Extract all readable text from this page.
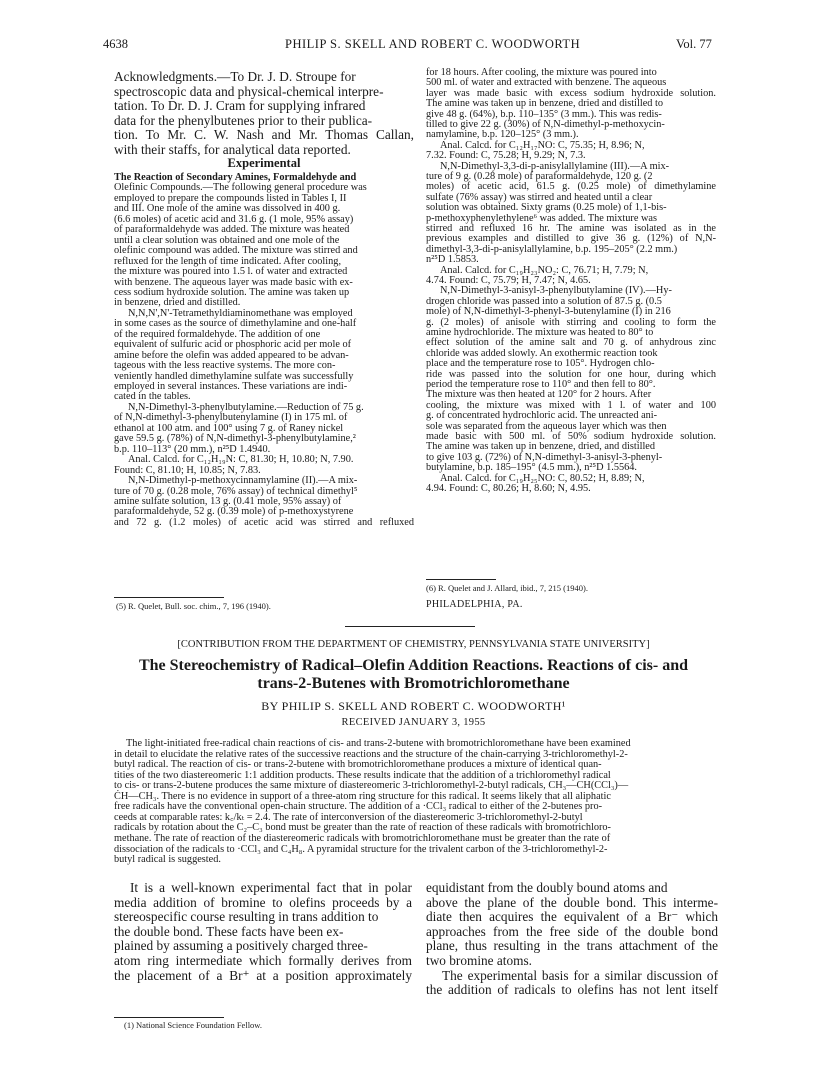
4638	PHILIP S. SKELL AND ROBERT C. WOODWORTH	Vol. 77
Acknowledgments.—To Dr. J. D. Stroupe for
spectroscopic data and physical-chemical interpre-
tation. To Dr. D. J. Cram for supplying infrared
data for the phenylbutenes prior to their publica-
tion. To Mr. C. W. Nash and Mr. Thomas Callan,
with their staffs, for analytical data reported.
Experimental
The Reaction of Secondary Amines, Formaldehyde and
Olefinic Compounds.—The following general procedure was
employed to prepare the compounds listed in Tables I, II
and III. One mole of the amine was dissolved in 400 g.
(6.6 moles) of acetic acid and 31.6 g. (1 mole, 95% assay)
of paraformaldehyde was added. The mixture was heated
until a clear solution was obtained and one mole of the
olefinic compound was added. The mixture was stirred and
refluxed for the length of time indicated. After cooling,
the mixture was poured into 1.5 l. of water and extracted
with benzene. The aqueous layer was made basic with ex-
cess sodium hydroxide solution. The amine was taken up
in benzene, dried and distilled.
N,N,N',N'-Tetramethyldiaminomethane was employed
in some cases as the source of dimethylamine and one-half
of the required formaldehyde. The addition of one
equivalent of sulfuric acid or phosphoric acid per mole of
amine before the olefin was added appeared to be advan-
tageous with the less reactive systems. The more con-
veniently handled dimethylamine sulfate was successfully
employed in several instances. These variations are indi-
cated in the tables.
N,N-Dimethyl-3-phenylbutylamine.—Reduction of 75 g.
of N,N-dimethyl-3-phenylbutenylamine (I) in 175 ml. of
ethanol at 100 atm. and 100° using 7 g. of Raney nickel
gave 59.5 g. (78%) of N,N-dimethyl-3-phenylbutylamine,²
b.p. 110–113° (20 mm.), n²⁵D 1.4940.
Anal. Calcd. for C₁₂H₁₉N: C, 81.30; H, 10.80; N, 7.90.
Found: C, 81.10; H, 10.85; N, 7.83.
N,N-Dimethyl-p-methoxycinnamylamine (II).—A mix-
ture of 70 g. (0.28 mole, 76% assay) of technical dimethyl⁵
amine sulfate solution, 13 g. (0.41 mole, 95% assay) of
paraformaldehyde, 52 g. (0.39 mole) of p-methoxystyrene
and 72 g. (1.2 moles) of acetic acid was stirred and refluxed
for 18 hours. After cooling, the mixture was poured into
500 ml. of water and extracted with benzene. The aqueous
layer was made basic with excess sodium hydroxide solution.
The amine was taken up in benzene, dried and distilled to
give 48 g. (64%), b.p. 110–135° (3 mm.). This was redis-
tilled to give 22 g. (30%) of N,N-dimethyl-p-methoxycin-
namylamine, b.p. 120–125° (3 mm.).
Anal. Calcd. for C₁₂H₁₇NO: C, 75.35; H, 8.96; N,
7.32. Found: C, 75.28; H, 9.29; N, 7.3.
N,N-Dimethyl-3,3-di-p-anisylallylamine (III).—A mix-
ture of 9 g. (0.28 mole) of paraformaldehyde, 120 g. (2
moles) of acetic acid, 61.5 g. (0.25 mole) of dimethylamine
sulfate (76% assay) was stirred and heated until a clear
solution was obtained. Sixty grams (0.25 mole) of 1,1-bis-
p-methoxyphenylethylene⁶ was added. The mixture was
stirred and refluxed 16 hr. The amine was isolated as in the
previous examples and distilled to give 36 g. (12%) of N,N-
dimethyl-3,3-di-p-anisylallylamine, b.p. 195–205° (2.2 mm.)
n²⁵D 1.5853.
Anal. Calcd. for C₁₉H₂₃NO₂: C, 76.71; H, 7.79; N,
4.74. Found: C, 75.79; H, 7.47; N, 4.65.
N,N-Dimethyl-3-anisyl-3-phenylbutylamine (IV).—Hy-
drogen chloride was passed into a solution of 87.5 g. (0.5
mole) of N,N-dimethyl-3-phenyl-3-butenylamine (I) in 216
g. (2 moles) of anisole with stirring and cooling to form the
amine hydrochloride. The mixture was heated to 80° to
effect solution of the amine salt and 70 g. of anhydrous zinc
chloride was added slowly. An exothermic reaction took
place and the temperature rose to 105°. Hydrogen chlo-
ride was passed into the solution for one hour, during which
period the temperature rose to 110° and then fell to 80°.
The mixture was then heated at 120° for 2 hours. After
cooling, the mixture was mixed with 1 l. of water and 100
g. of concentrated hydrochloric acid. The unreacted ani-
sole was separated from the aqueous layer which was then
made basic with 500 ml. of 50% sodium hydroxide solution.
The amine was taken up in benzene, dried, and distilled
to give 103 g. (72%) of N,N-dimethyl-3-anisyl-3-phenyl-
butylamine, b.p. 185–195° (4.5 mm.), n²⁵D 1.5564.
Anal. Calcd. for C₁₉H₂₅NO: C, 80.52; H, 8.89; N,
4.94. Found: C, 80.26; H, 8.60; N, 4.95.
(5) R. Quelet, Bull. soc. chim., 7, 196 (1940).
(6) R. Quelet and J. Allard, ibid., 7, 215 (1940).
PHILADELPHIA, PA.
[CONTRIBUTION FROM THE DEPARTMENT OF CHEMISTRY, PENNSYLVANIA STATE UNIVERSITY]
The Stereochemistry of Radical–Olefin Addition Reactions. Reactions of cis- and
trans-2-Butenes with Bromotrichloromethane
BY PHILIP S. SKELL AND ROBERT C. WOODWORTH¹
RECEIVED JANUARY 3, 1955
The light-initiated free-radical chain reactions of cis- and trans-2-butene with bromotrichloromethane have been examined
in detail to elucidate the relative rates of the successive reactions and the structure of the chain-carrying 3-trichloromethyl-2-
butyl radical. The reaction of cis- or trans-2-butene with bromotrichloromethane produces a mixture of identical quan-
tities of the two diastereomeric 1:1 addition products. These results indicate that the addition of a trichloromethyl radical
to cis- or trans-2-butene produces the same mixture of diastereomeric 3-trichloromethyl-2-butyl radicals, CH₃—CH(CCl₃)—
ĊH—CH₃. There is no evidence in support of a three-atom ring structure for this radical. It seems likely that all aliphatic
free radicals have the conventional open-chain structure. The addition of a ·CCl₃ radical to either of the 2-butenes pro-
ceeds at comparable rates: k꜀/kₜ = 2.4. The rate of interconversion of the diastereomeric 3-trichloromethyl-2-butyl
radicals by rotation about the C₂–C₃ bond must be greater than the rate of reaction of these radicals with bromotrichloro-
methane. The rate of reaction of the diastereomeric radicals with bromotrichloromethane must be greater than the rate of
dissociation of the radicals to ·CCl₃ and C₄H₈. A pyramidal structure for the trivalent carbon of the 3-trichloromethyl-2-
butyl radical is suggested.
It is a well-known experimental fact that in polar
media addition of bromine to olefins proceeds by a
stereospecific course resulting in trans addition to
the double bond. These facts have been ex-
plained by assuming a positively charged three-
atom ring intermediate which formally derives from
the placement of a Br⁺ at a position approximately
equidistant from the doubly bound atoms and
above the plane of the double bond. This interme-
diate then acquires the equivalent of a Br⁻ which
approaches from the free side of the double bond
plane, thus resulting in the trans attachment of the
two bromine atoms.
The experimental basis for a similar discussion of
the addition of radicals to olefins has not lent itself
(1) National Science Foundation Fellow.
